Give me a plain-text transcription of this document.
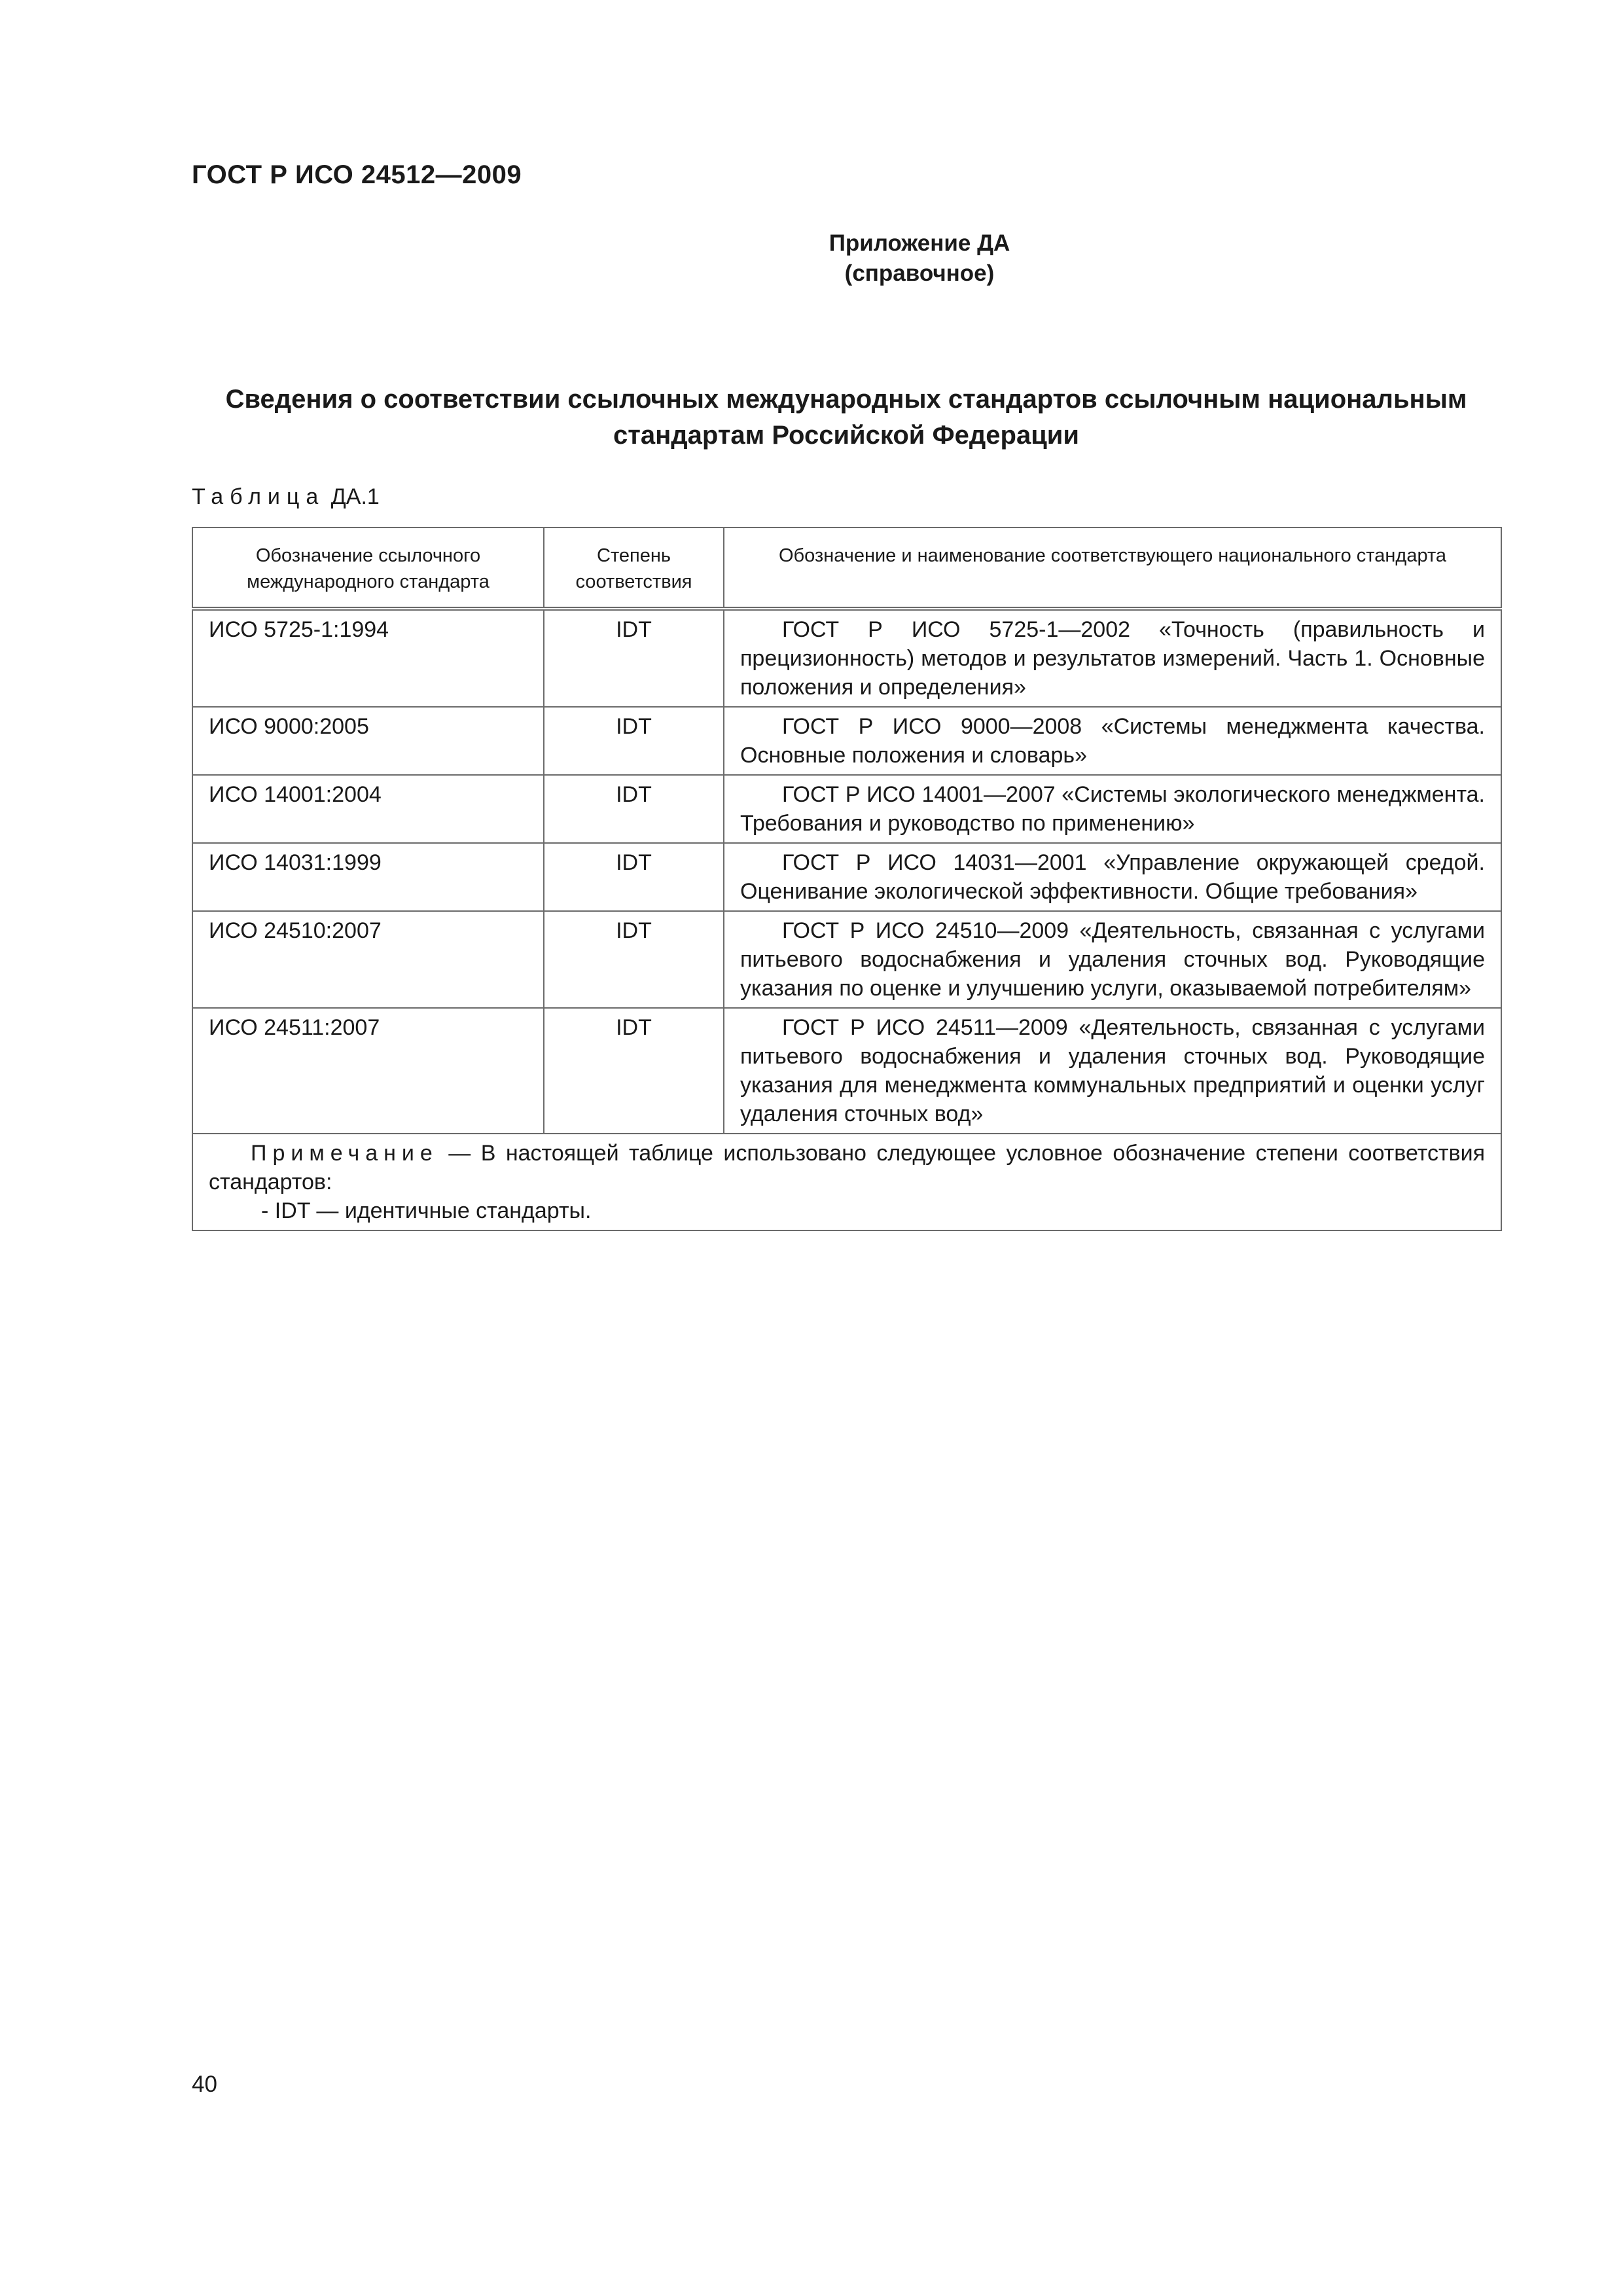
ГОСТ Р ИСО 24512—2009
Приложение ДА
(справочное)
Сведения о соответствии ссылочных международных стандартов ссылочным национальным стандартам Российской Федерации
Таблица ДА.1
Обозначение ссылочного международного стандарта	Степень соответствия	Обозначение и наименование соответствующего национального стандарта
ИСО 5725-1:1994	IDT	ГОСТ Р ИСО 5725-1—2002 «Точность (правильность и прецизионность) методов и результатов измерений. Часть 1. Основные положения и определения»
ИСО 9000:2005	IDT	ГОСТ Р ИСО 9000—2008 «Системы менеджмента качества. Основные положения и словарь»
ИСО 14001:2004	IDT	ГОСТ Р ИСО 14001—2007 «Системы экологического менеджмента. Требования и руководство по применению»
ИСО 14031:1999	IDT	ГОСТ Р ИСО 14031—2001 «Управление окружающей средой. Оценивание экологической эффективности. Общие требования»
ИСО 24510:2007	IDT	ГОСТ Р ИСО 24510—2009 «Деятельность, связанная с услугами питьевого водоснабжения и удаления сточных вод. Руководящие указания по оценке и улучшению услуги, оказываемой потребителям»
ИСО 24511:2007	IDT	ГОСТ Р ИСО 24511—2009 «Деятельность, связанная с услугами питьевого водоснабжения и удаления сточных вод. Руководящие указания для менеджмента коммунальных предприятий и оценки услуг удаления сточных вод»

Примечание — В настоящей таблице использовано следующее условное обозначение степени соответствия стандартов:
- IDT — идентичные стандарты.		
40
